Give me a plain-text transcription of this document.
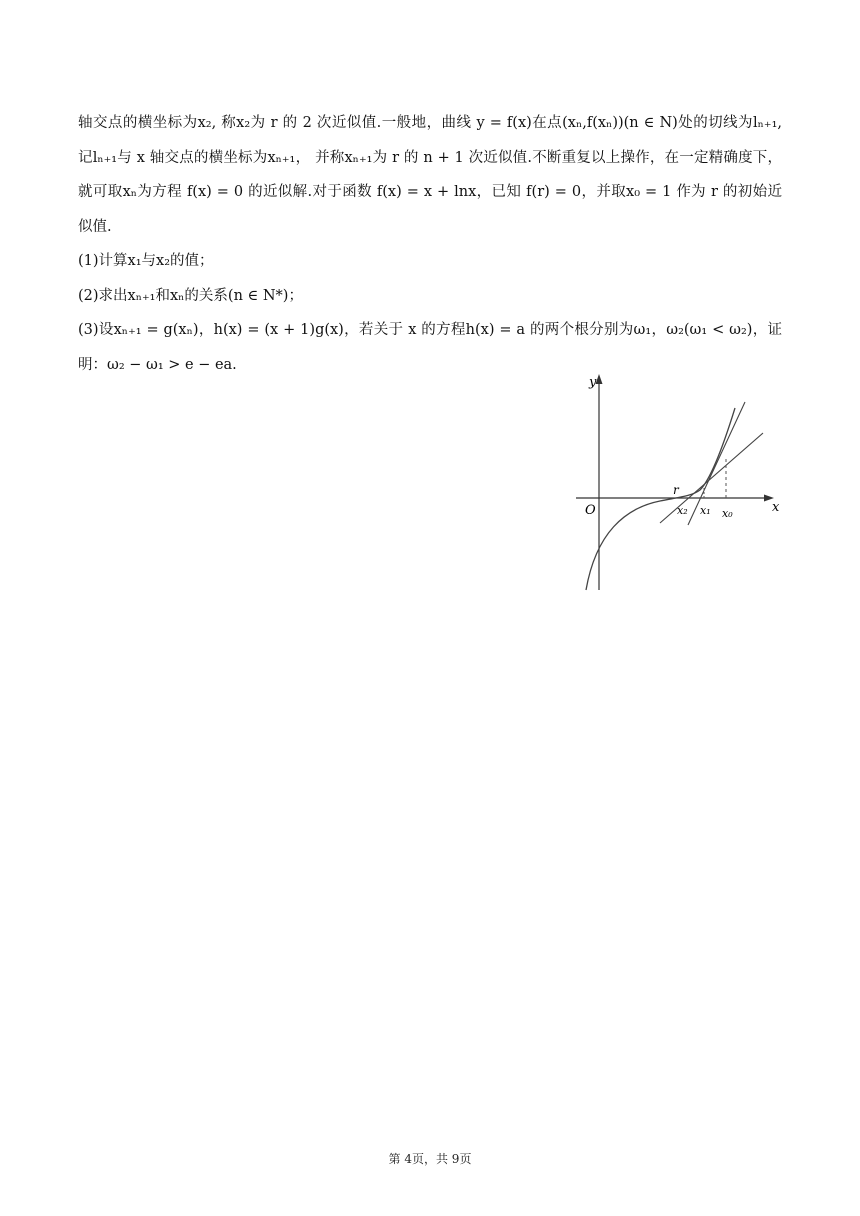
轴交点的横坐标为x₂, 称x₂为 r 的 2 次近似值.一般地，曲线 y = f(x)在点(xₙ,f(xₙ))(n ∈ N)处的切线为lₙ₊₁,
记lₙ₊₁与 x 轴交点的横坐标为xₙ₊₁， 并称xₙ₊₁为 r 的 n + 1 次近似值.不断重复以上操作，在一定精确度下，
就可取xₙ为方程 f(x) = 0 的近似解.对于函数 f(x) = x + lnx，已知 f(r) = 0，并取x₀ = 1 作为 r 的初始近
似值.
(1)计算x₁与x₂的值；
(2)求出xₙ₊₁和xₙ的关系(n ∈ N*)；
(3)设xₙ₊₁ = g(xₙ)，h(x) = (x + 1)g(x)，若关于 x 的方程h(x) = a 的两个根分别为ω₁，ω₂(ω₁ < ω₂)，证
明：ω₂ − ω₁ > e − ea.
y
x
O
r
x₂ x₁ x₀
第 4页，共 9页
